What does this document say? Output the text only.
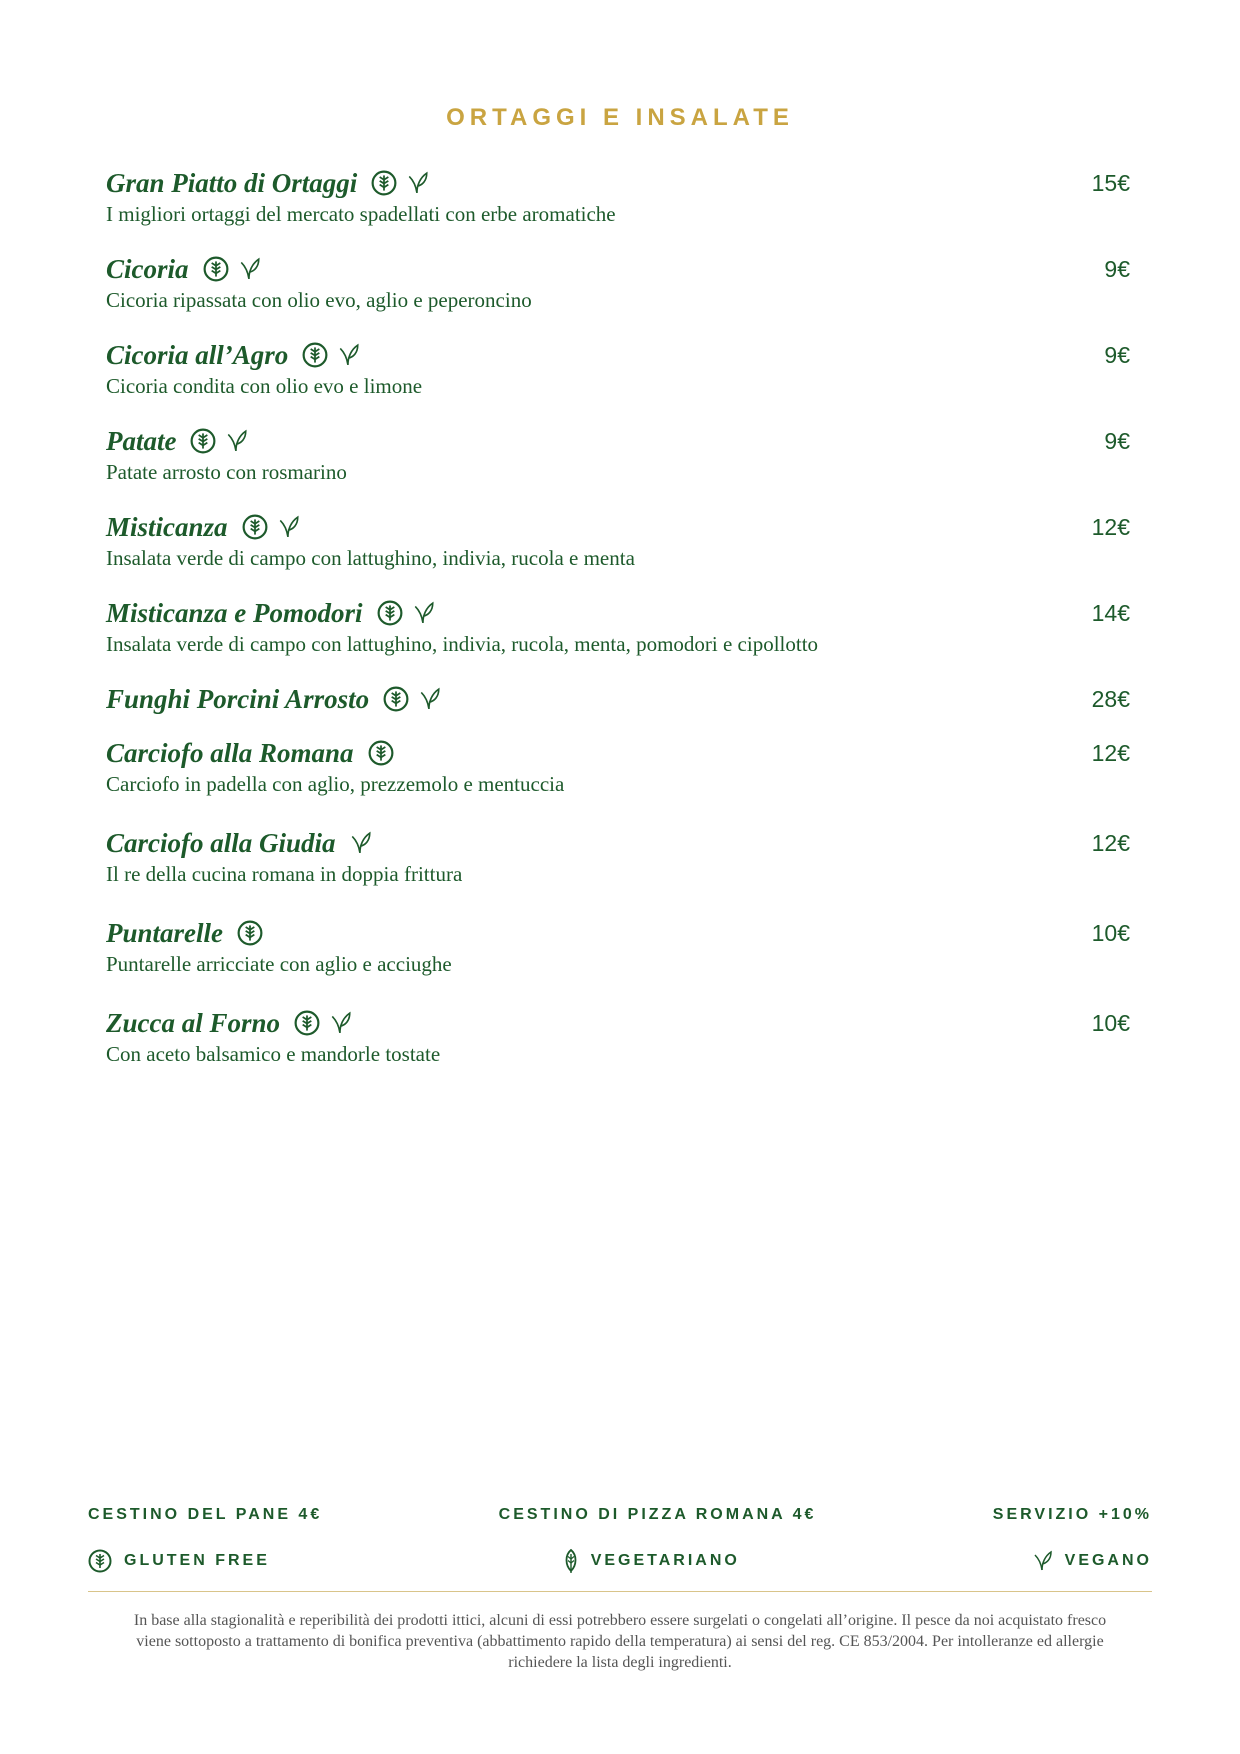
ORTAGGI E INSALATE
Gran Piatto di Ortaggi	15€
I migliori ortaggi del mercato spadellati con erbe aromatiche
Cicoria	9€
Cicoria ripassata con olio evo, aglio e peperoncino
Cicoria all’Agro	9€
Cicoria condita con olio evo e limone
Patate	9€
Patate arrosto con rosmarino
Misticanza	12€
Insalata verde di campo con lattughino, indivia, rucola e menta
Misticanza e Pomodori	14€
Insalata verde di campo con lattughino, indivia, rucola, menta, pomodori e cipollotto
Funghi Porcini Arrosto	28€
Carciofo alla Romana	12€
Carciofo in padella con aglio, prezzemolo e mentuccia
Carciofo alla Giudia	12€
Il re della cucina romana in doppia frittura
Puntarelle	10€
Puntarelle arricciate con aglio e acciughe
Zucca al Forno	10€
Con aceto balsamico e mandorle tostate
CESTINO DEL PANE 4€	CESTINO DI PIZZA ROMANA 4€	SERVIZIO +10%
GLUTEN FREE	VEGETARIANO	VEGANO

In base alla stagionalità e reperibilità dei prodotti ittici, alcuni di essi potrebbero essere surgelati o congelati all’origine. Il pesce da noi acquistato fresco viene sottoposto a trattamento di bonifica preventiva (abbattimento rapido della temperatura) ai sensi del reg. CE 853/2004. Per intolleranze ed allergie richiedere la lista degli ingredienti.
